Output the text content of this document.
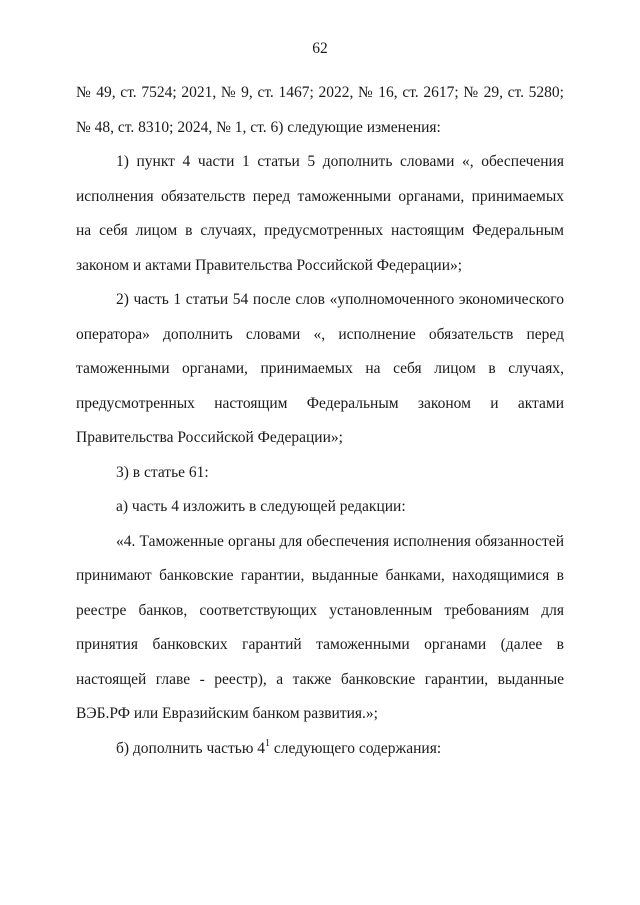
62

№ 49, ст. 7524; 2021, № 9, ст. 1467; 2022, № 16, ст. 2617; № 29, ст. 5280; № 48, ст. 8310; 2024, № 1, ст. 6) следующие изменения:

1) пункт 4 части 1 статьи 5 дополнить словами «, обеспечения исполнения обязательств перед таможенными органами, принимаемых на себя лицом в случаях, предусмотренных настоящим Федеральным законом и актами Правительства Российской Федерации»;

2) часть 1 статьи 54 после слов «уполномоченного экономического оператора» дополнить словами «, исполнение обязательств перед таможенными органами, принимаемых на себя лицом в случаях, предусмотренных настоящим Федеральным законом и актами Правительства Российской Федерации»;

3) в статье 61:

а) часть 4 изложить в следующей редакции:

«4. Таможенные органы для обеспечения исполнения обязанностей принимают банковские гарантии, выданные банками, находящимися в реестре банков, соответствующих установленным требованиям для принятия банковских гарантий таможенными органами (далее в настоящей главе - реестр), а также банковские гарантии, выданные ВЭБ.РФ или Евразийским банком развития.»;

б) дополнить частью $4^1$ следующего содержания:
